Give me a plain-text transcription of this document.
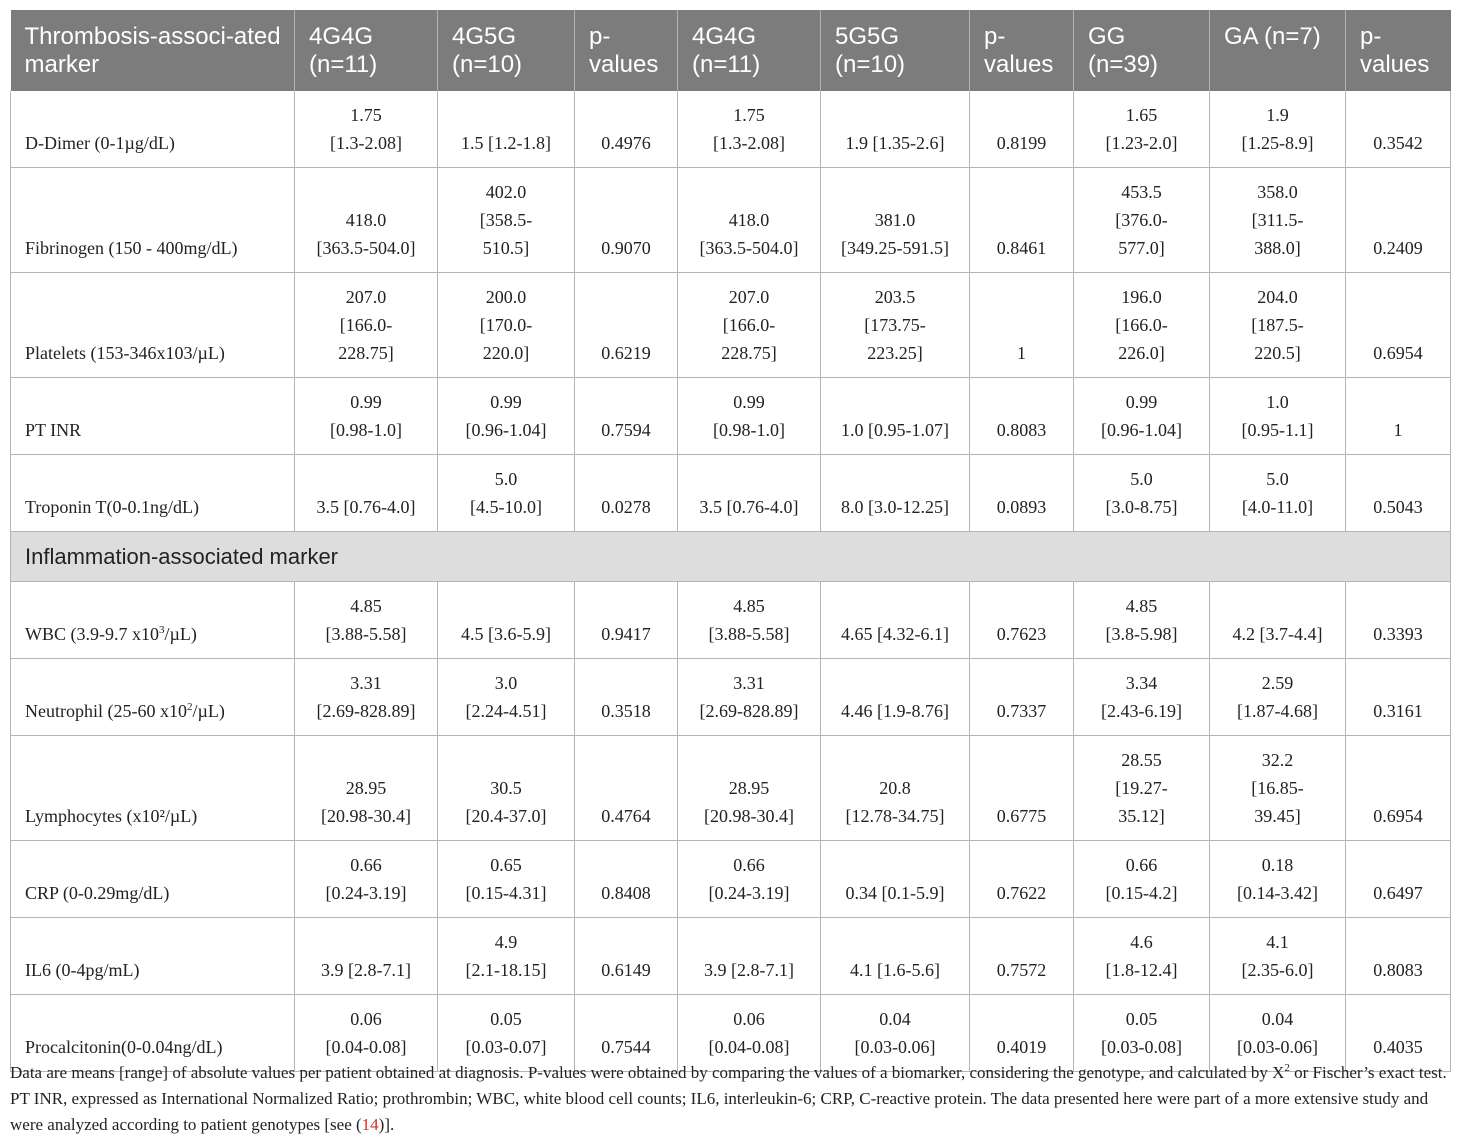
Thrombosis-associ-ated marker	4G4G (n=11)	4G5G (n=10)	p-values	4G4G (n=11)	5G5G (n=10)	p-values	GG (n=39)	GA (n=7)	p-values
D-Dimer (0-1µg/dL)	1.75
[1.3-2.08]	1.5 [1.2-1.8]	0.4976	1.75
[1.3-2.08]	1.9 [1.35-2.6]	0.8199	1.65
[1.23-2.0]	1.9
[1.25-8.9]	0.3542

Fibrinogen (150 - 400mg/dL)	418.0
[363.5-504.0]	402.0
[358.5-
510.5]	0.9070	418.0
[363.5-504.0]	381.0
[349.25-591.5]	0.8461	453.5
[376.0-
577.0]	358.0
[311.5-
388.0]	0.2409

Platelets (153-346x103/µL)	207.0
[166.0-
228.75]	200.0
[170.0-
220.0]	0.6219	207.0
[166.0-
228.75]	203.5
[173.75-
223.25]	1	196.0
[166.0-
226.0]	204.0
[187.5-
220.5]	0.6954

PT INR	0.99
[0.98-1.0]	0.99
[0.96-1.04]	0.7594	0.99
[0.98-1.0]	1.0 [0.95-1.07]	0.8083	0.99
[0.96-1.04]	1.0
[0.95-1.1]	1

Troponin T(0-0.1ng/dL)	3.5 [0.76-4.0]	5.0
[4.5-10.0]	0.0278	3.5 [0.76-4.0]	8.0 [3.0-12.25]	0.0893	5.0
[3.0-8.75]	5.0
[4.0-11.0]	0.5043

Inflammation-associated marker									
WBC (3.9-9.7 $x10^3/\mu L$)	4.85
[3.88-5.58]	4.5 [3.6-5.9]	0.9417	4.85
[3.88-5.58]	4.65 [4.32-6.1]	0.7623	4.85
[3.8-5.98]	4.2 [3.7-4.4]	0.3393

Neutrophil (25-60 $x10^2/\mu L$)	3.31
[2.69-828.89]	3.0
[2.24-4.51]	0.3518	3.31
[2.69-828.89]	4.46 [1.9-8.76]	0.7337	3.34
[2.43-6.19]	2.59
[1.87-4.68]	0.3161

Lymphocytes (x10²/µL)	28.95
[20.98-30.4]	30.5
[20.4-37.0]	0.4764	28.95
[20.98-30.4]	20.8
[12.78-34.75]	0.6775	28.55
[19.27-
35.12]	32.2
[16.85-
39.45]	0.6954

CRP (0-0.29mg/dL)	0.66
[0.24-3.19]	0.65
[0.15-4.31]	0.8408	0.66
[0.24-3.19]	0.34 [0.1-5.9]	0.7622	0.66
[0.15-4.2]	0.18
[0.14-3.42]	0.6497

IL6 (0-4pg/mL)	3.9 [2.8-7.1]	4.9
[2.1-18.15]	0.6149	3.9 [2.8-7.1]	4.1 [1.6-5.6]	0.7572	4.6
[1.8-12.4]	4.1
[2.35-6.0]	0.8083

Procalcitonin(0-0.04ng/dL)	0.06
[0.04-0.08]	0.05
[0.03-0.07]	0.7544	0.06
[0.04-0.08]	0.04
[0.03-0.06]	0.4019	0.05
[0.03-0.08]	0.04
[0.03-0.06]	0.4035
Data are means [range] of absolute values per patient obtained at diagnosis. P-values were obtained by comparing the values of a biomarker, considering the genotype, and calculated by $X^2$ or Fischer’s exact test. PT INR, expressed as International Normalized Ratio; prothrombin; WBC, white blood cell counts; IL6, interleukin-6; CRP, C-reactive protein. The data presented here were part of a more extensive study and were analyzed according to patient genotypes [see (14)].
